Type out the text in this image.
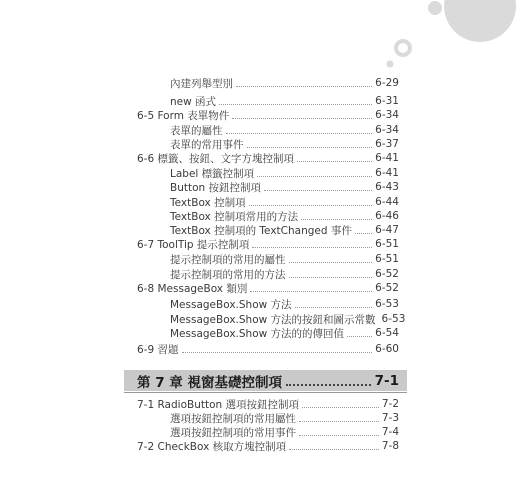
內建列舉型別	6-29
new 函式	6-31
6-5 Form 表單物件	6-34
表單的屬性	6-34
表單的常用事件	6-37
6-6 標籤、按鈕、文字方塊控制項	6-41
Label 標籤控制項	6-41
Button 按鈕控制項	6-43
TextBox 控制項	6-44
TextBox 控制項常用的方法	6-46
TextBox 控制項的 TextChanged 事件 6-47
6-7 ToolTip 提示控制項	6-51
提示控制項的常用的屬性	6-51
提示控制項的常用的方法	6-52
6-8 MessageBox 類別	6-52
MessageBox.Show 方法	6-53
MessageBox.Show 方法的按鈕和圖示常數 6-53
MessageBox.Show 方法的的傳回值	6-54
6-9 習題	6-60
第 7 章 視窗基礎控制項	7-1
7-1 RadioButton 選項按鈕控制項	7-2
選項按鈕控制項的常用屬性	7-3
選項按鈕控制項的常用事件	7-4
7-2 CheckBox 核取方塊控制項	7-8
